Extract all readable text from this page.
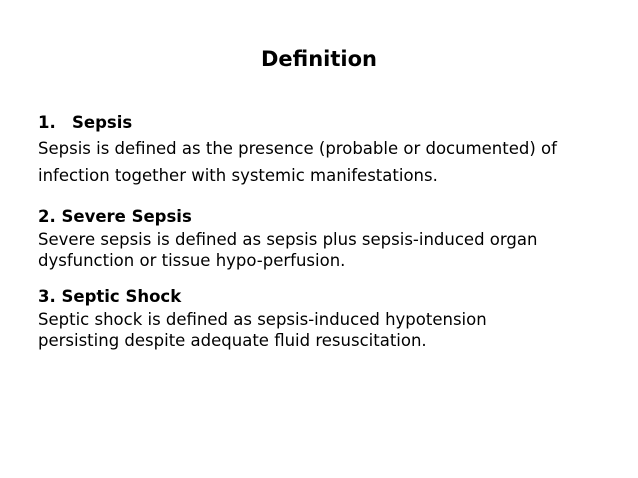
Definition
1. Sepsis
Sepsis is defined as the presence (probable or documented) of
infection together with systemic manifestations.
2. Severe Sepsis
Severe sepsis is defined as sepsis plus sepsis-induced organ
dysfunction or tissue hypo-perfusion.
3. Septic Shock
Septic shock is defined as sepsis-induced hypotension
persisting despite adequate fluid resuscitation.
